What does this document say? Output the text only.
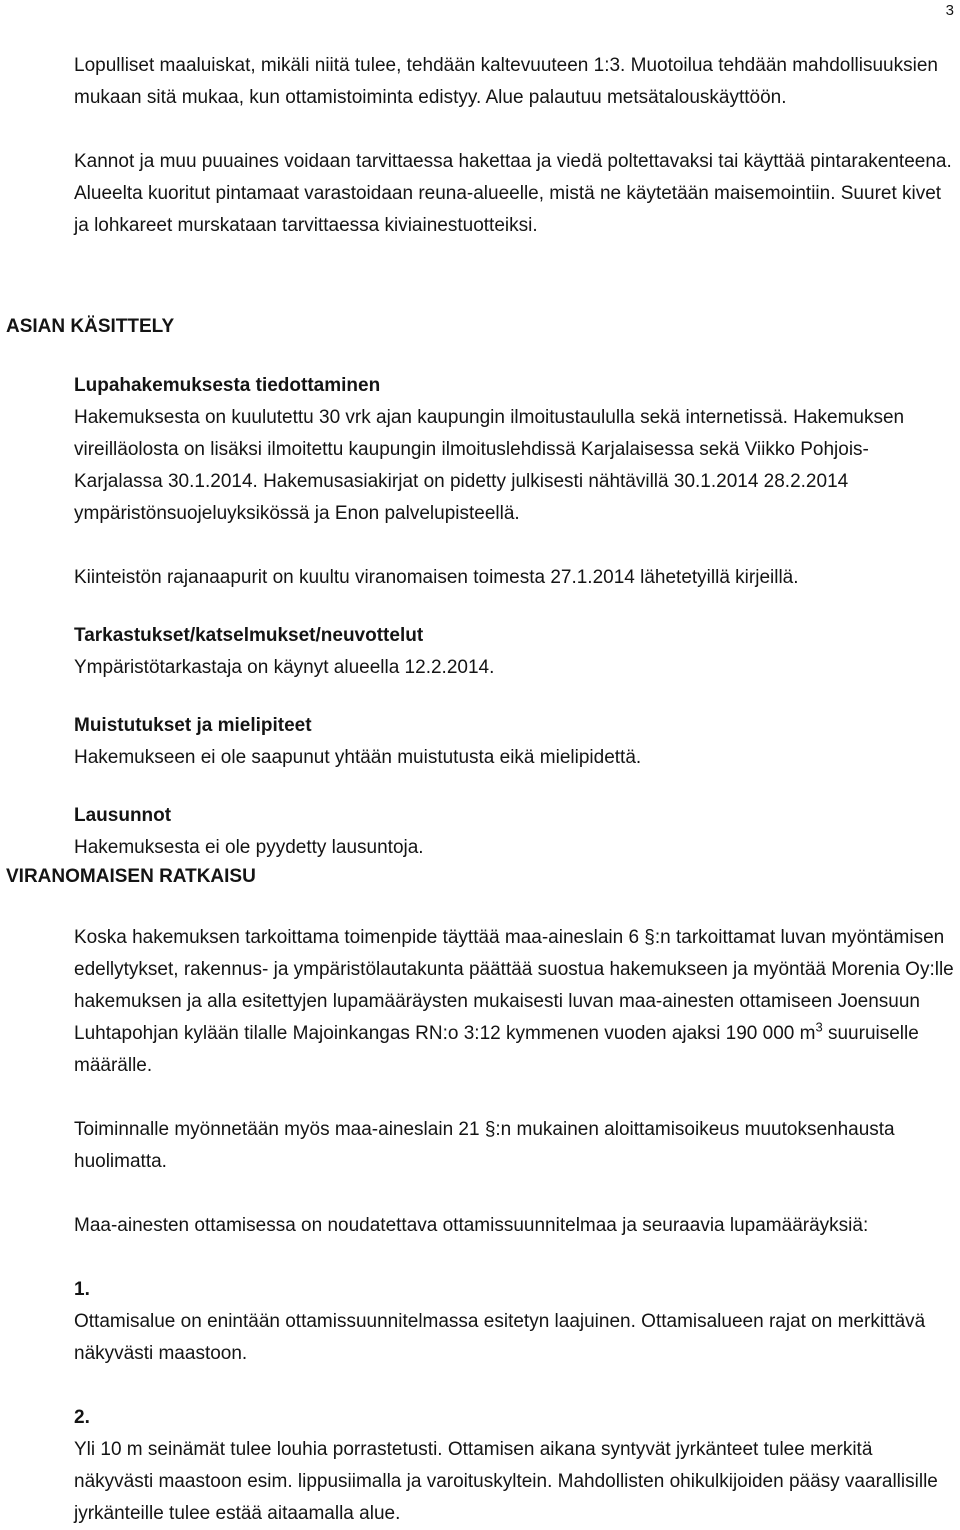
3

Lopulliset maaluiskat, mikäli niitä tulee, tehdään kaltevuuteen 1:3. Muotoilua tehdään mahdollisuuksien mukaan sitä mukaa, kun ottamistoiminta edistyy. Alue palautuu metsätalouskäyttöön.

Kannot ja muu puuaines voidaan tarvittaessa hakettaa ja viedä poltettavaksi tai käyttää pintarakenteena. Alueelta kuoritut pintamaat varastoidaan reuna-alueelle, mistä ne käytetään maisemointiin. Suuret kivet ja lohkareet murskataan tarvittaessa kiviainestuotteiksi.

ASIAN KÄSITTELY

Lupahakemuksesta tiedottaminen

Hakemuksesta on kuulutettu 30 vrk ajan kaupungin ilmoitustaululla sekä internetissä. Hakemuksen vireilläolosta on lisäksi ilmoitettu kaupungin ilmoituslehdissä Karjalaisessa sekä Viikko Pohjois-Karjalassa 30.1.2014. Hakemusasiakirjat on pidetty julkisesti nähtävillä 30.1.2014 28.2.2014 ympäristönsuojeluyksikössä ja Enon palvelupisteellä.

Kiinteistön rajanaapurit on kuultu viranomaisen toimesta 27.1.2014 lähetetyillä kirjeillä.

Tarkastukset/katselmukset/neuvottelut

Ympäristötarkastaja on käynyt alueella 12.2.2014.

Muistutukset ja mielipiteet

Hakemukseen ei ole saapunut yhtään muistutusta eikä mielipidettä.

Lausunnot

Hakemuksesta ei ole pyydetty lausuntoja.

VIRANOMAISEN RATKAISU

Koska hakemuksen tarkoittama toimenpide täyttää maa-aineslain 6 §:n tarkoittamat luvan myöntämisen edellytykset, rakennus- ja ympäristölautakunta päättää suostua hakemukseen ja myöntää Morenia Oy:lle hakemuksen ja alla esitettyjen lupamääräysten mukaisesti luvan maa-ainesten ottamiseen Joensuun Luhtapohjan kylään tilalle Majoinkangas RN:o 3:12 kymmenen vuoden ajaksi 190 000 $m^3$ suuruiselle määrälle.

Toiminnalle myönnetään myös maa-aineslain 21 §:n mukainen aloittamisoikeus muutoksenhausta huolimatta.

Maa-ainesten ottamisessa on noudatettava ottamissuunnitelmaa ja seuraavia lupamääräyksiä:

1.

Ottamisalue on enintään ottamissuunnitelmassa esitetyn laajuinen. Ottamisalueen rajat on merkittävä näkyvästi maastoon.

2.

Yli 10 m seinämät tulee louhia porrastetusti. Ottamisen aikana syntyvät jyrkänteet tulee merkitä näkyvästi maastoon esim. lippusiimalla ja varoituskyltein. Mahdollisten ohikulkijoiden pääsy vaarallisille jyrkänteille tulee estää aitaamalla alue.
